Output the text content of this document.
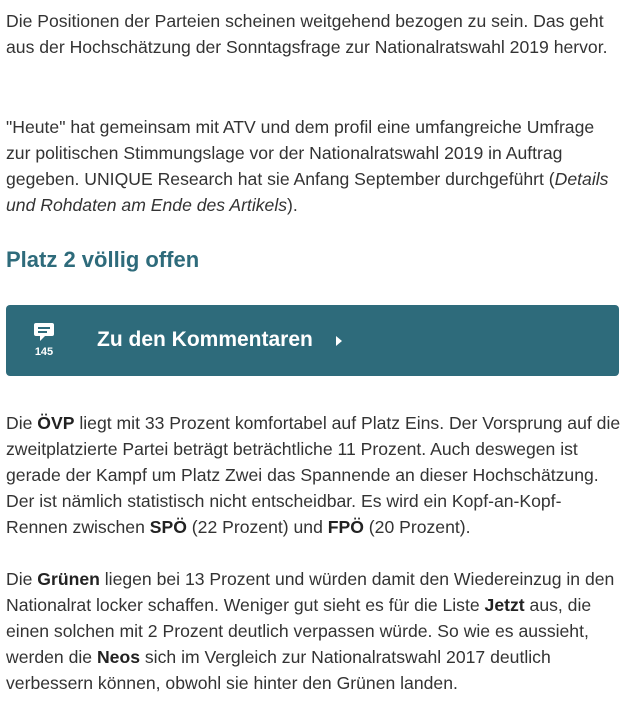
Die Positionen der Parteien scheinen weitgehend bezogen zu sein. Das geht aus der Hochschätzung der Sonntagsfrage zur Nationalratswahl 2019 hervor.

"Heute" hat gemeinsam mit ATV und dem profil eine umfangreiche Umfrage zur politischen Stimmungslage vor der Nationalratswahl 2019 in Auftrag gegeben. UNIQUE Research hat sie Anfang September durchgeführt (Details und Rohdaten am Ende des Artikels).

Platz 2 völlig offen
145
Zu den Kommentaren

Die ÖVP liegt mit 33 Prozent komfortabel auf Platz Eins. Der Vorsprung auf die zweitplatzierte Partei beträgt beträchtliche 11 Prozent. Auch deswegen ist gerade der Kampf um Platz Zwei das Spannende an dieser Hochschätzung. Der ist nämlich statistisch nicht entscheidbar. Es wird ein Kopf-an-Kopf-Rennen zwischen SPÖ (22 Prozent) und FPÖ (20 Prozent).

Die Grünen liegen bei 13 Prozent und würden damit den Wiedereinzug in den Nationalrat locker schaffen. Weniger gut sieht es für die Liste Jetzt aus, die einen solchen mit 2 Prozent deutlich verpassen würde. So wie es aussieht, werden die Neos sich im Vergleich zur Nationalratswahl 2017 deutlich verbessern können, obwohl sie hinter den Grünen landen.
